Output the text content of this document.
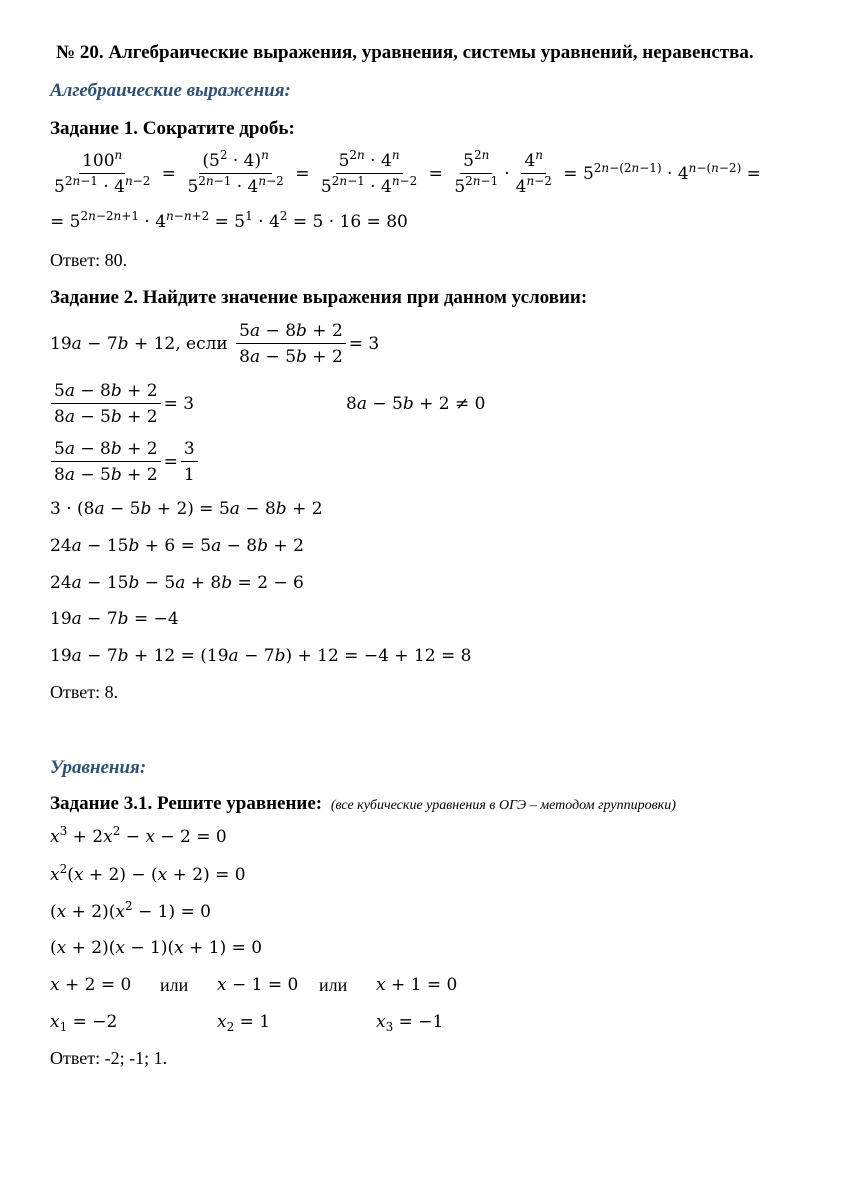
№ 20. Алгебраические выражения, уравнения, системы уравнений, неравенства.
Алгебраические выражения:
Задание 1. Сократите дробь:
$\frac{100^n}{5^{2n-1} \cdot 4^{n-2}} = \frac{(5^2 \cdot 4)^n}{5^{2n-1} \cdot 4^{n-2}} = \frac{5^{2n} \cdot 4^n}{5^{2n-1} \cdot 4^{n-2}} = \frac{5^{2n}}{5^{2n-1}} \cdot \frac{4^n}{4^{n-2}} = 5^{2n-(2n-1)} \cdot 4^{n-(n-2)}$ =
= $5^{2n-2n+1} \cdot 4^{n-n+2} = 5^1 \cdot 4^2 = 5 \cdot 16 = 80$
Ответ: 80.
Задание 2. Найдите значение выражения при данном условии:
19a − 7b + 12, если
$\frac{5a - 8b + 2}{8a - 5b + 2} = 3$
$\frac{5a - 8b + 2}{8a - 5b + 2} = 3$	8a − 5b + 2 ≠ 0
$\frac{5a - 8b + 2}{8a - 5b + 2} = \frac{3}{1}$
3 · (8a − 5b + 2) = 5a − 8b + 2
24a − 15b + 6 = 5a − 8b + 2
24a − 15b − 5a + 8b = 2 − 6
19a − 7b = −4
19a − 7b + 12 = (19a − 7b) + 12 = −4 + 12 = 8
Ответ: 8.
Уравнения:
Задание 3.1. Решите уравнение: (все кубические уравнения в ОГЭ – методом группировки)
$x^3 + 2x^2 - x - 2 = 0$
$x^2(x + 2) - (x + 2) = 0$
$(x + 2)(x^2 - 1) = 0$
(x + 2)(x − 1)(x + 1) = 0
x + 2 = 0 или x − 1 = 0 или x + 1 = 0
$x_1 = -2$	$x_2 = 1$	$x_3 = -1$
Ответ: -2; -1; 1.
